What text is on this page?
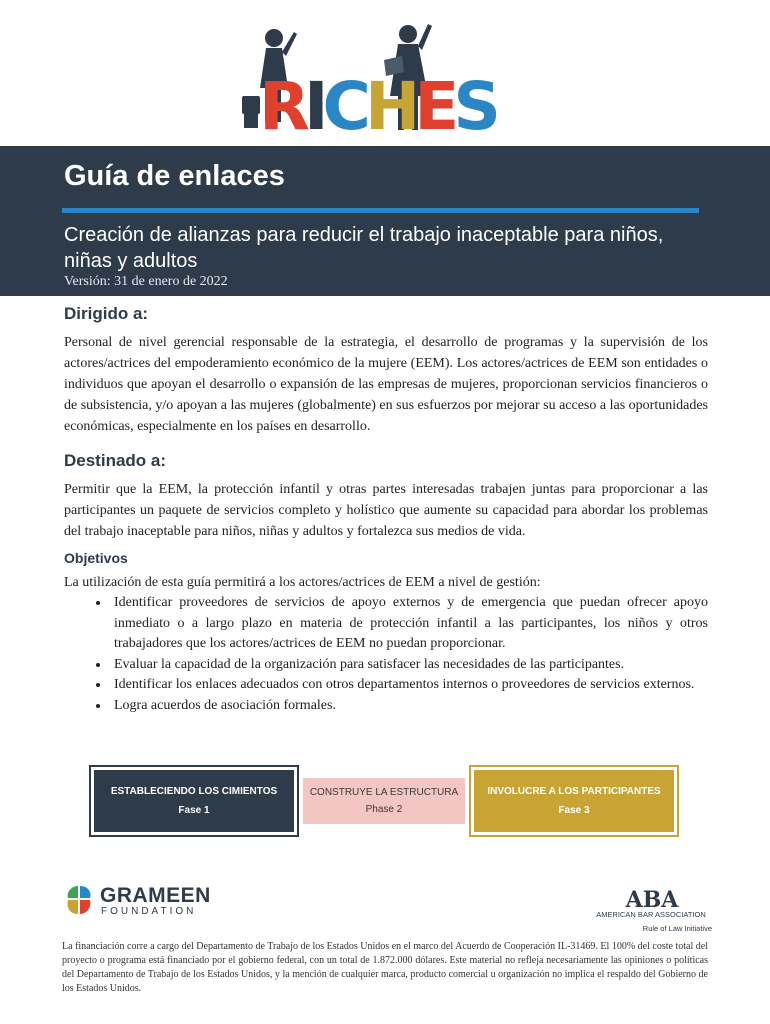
R I C H E S
Guía de enlaces
Creación de alianzas para reducir el trabajo inaceptable para niños, niñas y adultos
Versión: 31 de enero de 2022
Dirigido a:

Personal de nivel gerencial responsable de la estrategia, el desarrollo de programas y la supervisión de los actores/actrices del empoderamiento económico de la mujere (EEM). Los actores/actrices de EEM son entidades o individuos que apoyan el desarrollo o expansión de las empresas de mujeres, proporcionan servicios financieros o de subsistencia, y/o apoyan a las mujeres (globalmente) en sus esfuerzos por mejorar su acceso a las oportunidades económicas, especialmente en los países en desarrollo.

Destinado a:

Permitir que la EEM, la protección infantil y otras partes interesadas trabajen juntas para proporcionar a las participantes un paquete de servicios completo y holístico que aumente su capacidad para abordar los problemas del trabajo inaceptable para niños, niñas y adultos y fortalezca sus medios de vida.

Objetivos

La utilización de esta guía permitirá a los actores/actrices de EEM a nivel de gestión:

• Identificar proveedores de servicios de apoyo externos y de emergencia que puedan ofrecer apoyo inmediato o a largo plazo en materia de protección infantil a las participantes, los niños y otros trabajadores que los actores/actrices de EEM no puedan proporcionar.
• Evaluar la capacidad de la organización para satisfacer las necesidades de las participantes.
• Identificar los enlaces adecuados con otros departamentos internos o proveedores de servicios externos.
• Logra acuerdos de asociación formales.
ESTABLECIENDO LOS CIMIENTOS
Fase 1
CONSTRUYE LA ESTRUCTURA
Phase 2
INVOLUCRE A LOS PARTICIPANTES
Fase 3
GRAMEEN
FOUNDATION	ABA
AMERICAN BAR ASSOCIATION
Rule of Law Initiative
La financiación corre a cargo del Departamento de Trabajo de los Estados Unidos en el marco del Acuerdo de Cooperación IL-31469. El 100% del coste total del proyecto o programa está financiado por el gobierno federal, con un total de 1.872.000 dólares. Este material no refleja necesariamente las opiniones o políticas del Departamento de Trabajo de los Estados Unidos, y la mención de cualquier marca, producto comercial u organización no implica el respaldo del Gobierno de los Estados Unidos.
